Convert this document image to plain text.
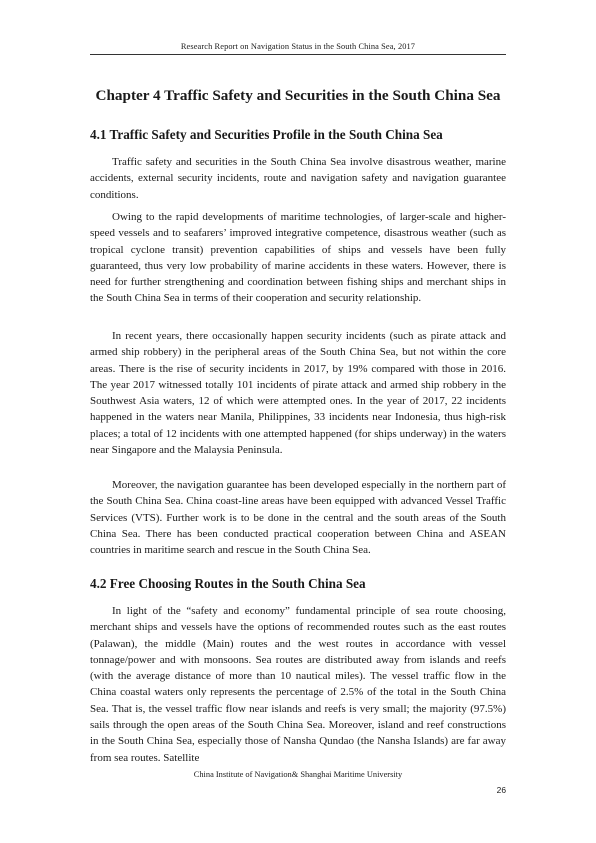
Research Report on Navigation Status in the South China Sea, 2017
Chapter 4 Traffic Safety and Securities in the South China Sea
4.1 Traffic Safety and Securities Profile in the South China Sea

Traffic safety and securities in the South China Sea involve disastrous weather, marine accidents, external security incidents, route and navigation safety and navigation guarantee conditions.

Owing to the rapid developments of maritime technologies, of larger-scale and higher-speed vessels and to seafarers’ improved integrative competence, disastrous weather (such as tropical cyclone transit) prevention capabilities of ships and vessels have been fully guaranteed, thus very low probability of marine accidents in these waters. However, there is need for further strengthening and coordination between fishing ships and merchant ships in the South China Sea in terms of their cooperation and security relationship.

In recent years, there occasionally happen security incidents (such as pirate attack and armed ship robbery) in the peripheral areas of the South China Sea, but not within the core areas. There is the rise of security incidents in 2017, by 19% compared with those in 2016. The year 2017 witnessed totally 101 incidents of pirate attack and armed ship robbery in the Southwest Asia waters, 12 of which were attempted ones. In the year of 2017, 22 incidents happened in the waters near Manila, Philippines, 33 incidents near Indonesia, thus high-risk places; a total of 12 incidents with one attempted happened (for ships underway) in the waters near Singapore and the Malaysia Peninsula.

Moreover, the navigation guarantee has been developed especially in the northern part of the South China Sea. China coast-line areas have been equipped with advanced Vessel Traffic Services (VTS). Further work is to be done in the central and the south areas of the South China Sea. There has been conducted practical cooperation between China and ASEAN countries in maritime search and rescue in the South China Sea.

4.2 Free Choosing Routes in the South China Sea

In light of the “safety and economy” fundamental principle of sea route choosing, merchant ships and vessels have the options of recommended routes such as the east routes (Palawan), the middle (Main) routes and the west routes in accordance with vessel tonnage/power and with monsoons. Sea routes are distributed away from islands and reefs (with the average distance of more than 10 nautical miles). The vessel traffic flow in the China coastal waters only represents the percentage of 2.5% of the total in the South China Sea. That is, the vessel traffic flow near islands and reefs is very small; the majority (97.5%) sails through the open areas of the South China Sea. Moreover, island and reef constructions in the South China Sea, especially those of Nansha Qundao (the Nansha Islands) are far away from sea routes. Satellite

China Institute of Navigation& Shanghai Maritime University
26
